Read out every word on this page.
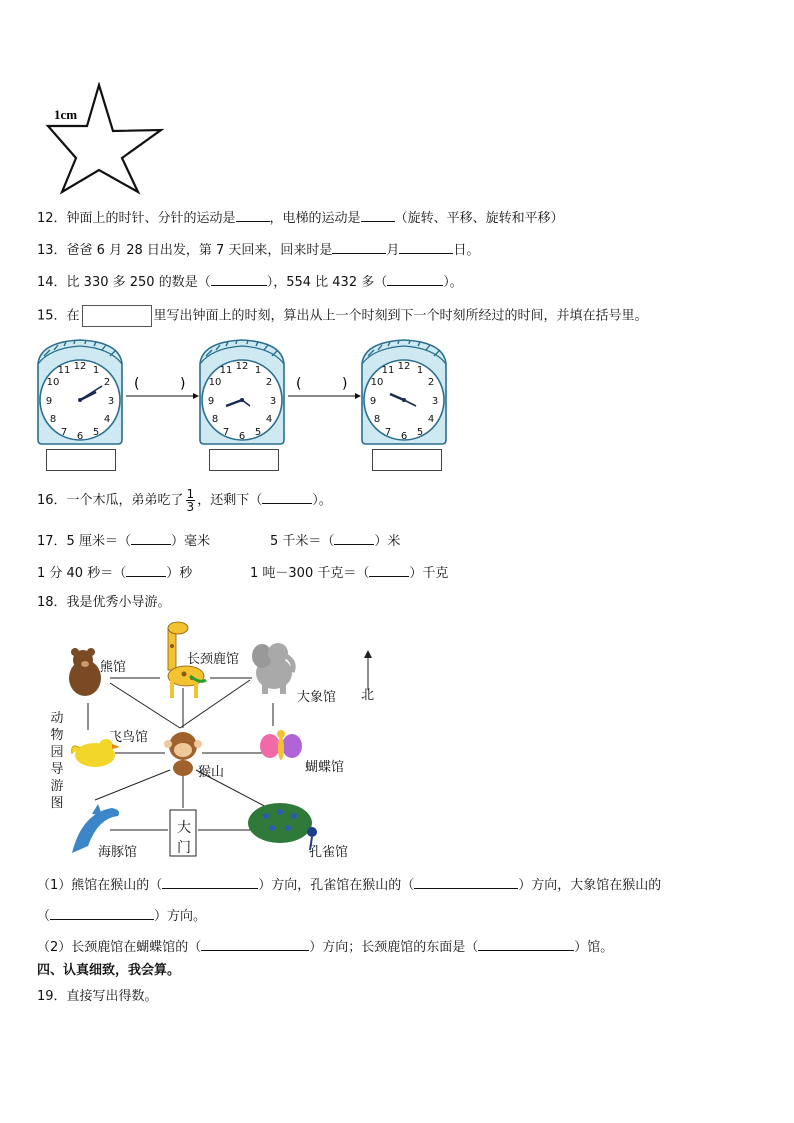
1cm
12．钟面上的时针、分针的运动是	，电梯的运动是	（旋转、平移、旋转和平移）
13．爸爸 6 月 28 日出发，第 7 天回来，回来时是	月	日。
14．比 330 多 250 的数是（	），554 比 432 多（	）。
15．在	里写出钟面上的时刻，算出从上一个时刻到下一个时刻所经过的时间，并填在括号里。
(	)	(	)
16．一个木瓜，弟弟吃了 $\frac{1}{3}$ ，还剩下（	）。
17．5 厘米＝（	）毫米	5 千米＝（	）米
1 分 40 秒＝（	）秒	1 吨－300 千克＝（	）千克
18．我是优秀小导游。
熊馆
长颈鹿馆
大象馆
飞鸟馆
猴山	蝴蝶馆
海豚馆	孔雀馆
大门
北
动物园导游图
（1）熊馆在猴山的（	）方向，孔雀馆在猴山的（	）方向，大象馆在猴山的
（	）方向。
（2）长颈鹿馆在蝴蝶馆的（	）方向；长颈鹿馆的东面是（	）馆。
四、认真细致，我会算。
19．直接写出得数。
